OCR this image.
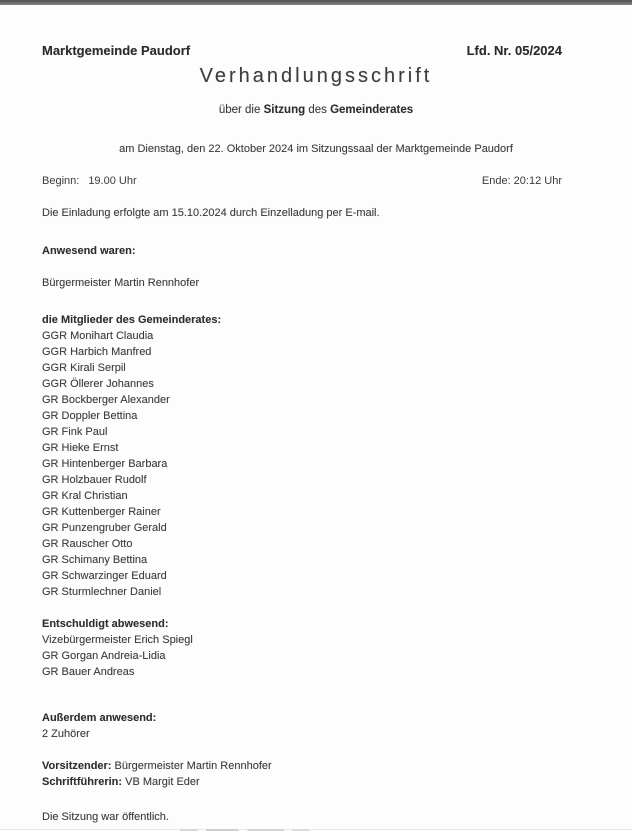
Marktgemeinde Paudorf	Lfd. Nr. 05/2024
Verhandlungsschrift
über die Sitzung des Gemeinderates
am Dienstag, den 22. Oktober 2024 im Sitzungssaal der Marktgemeinde Paudorf
Beginn: 19.00 Uhr	Ende: 20:12 Uhr
Die Einladung erfolgte am 15.10.2024 durch Einzelladung per E-mail.
Anwesend waren:
Bürgermeister Martin Rennhofer
die Mitglieder des Gemeinderates:
GGR Monihart Claudia
GGR Harbich Manfred
GGR Kirali Serpil
GGR Öllerer Johannes
GR Bockberger Alexander
GR Doppler Bettina
GR Fink Paul
GR Hieke Ernst
GR Hintenberger Barbara
GR Holzbauer Rudolf
GR Kral Christian
GR Kuttenberger Rainer
GR Punzengruber Gerald
GR Rauscher Otto
GR Schimany Bettina
GR Schwarzinger Eduard
GR Sturmlechner Daniel
Entschuldigt abwesend:
Vizebürgermeister Erich Spiegl
GR Gorgan Andreia-Lidia
GR Bauer Andreas
Außerdem anwesend:
2 Zuhörer
Vorsitzender: Bürgermeister Martin Rennhofer
Schriftführerin: VB Margit Eder
Die Sitzung war öffentlich.
